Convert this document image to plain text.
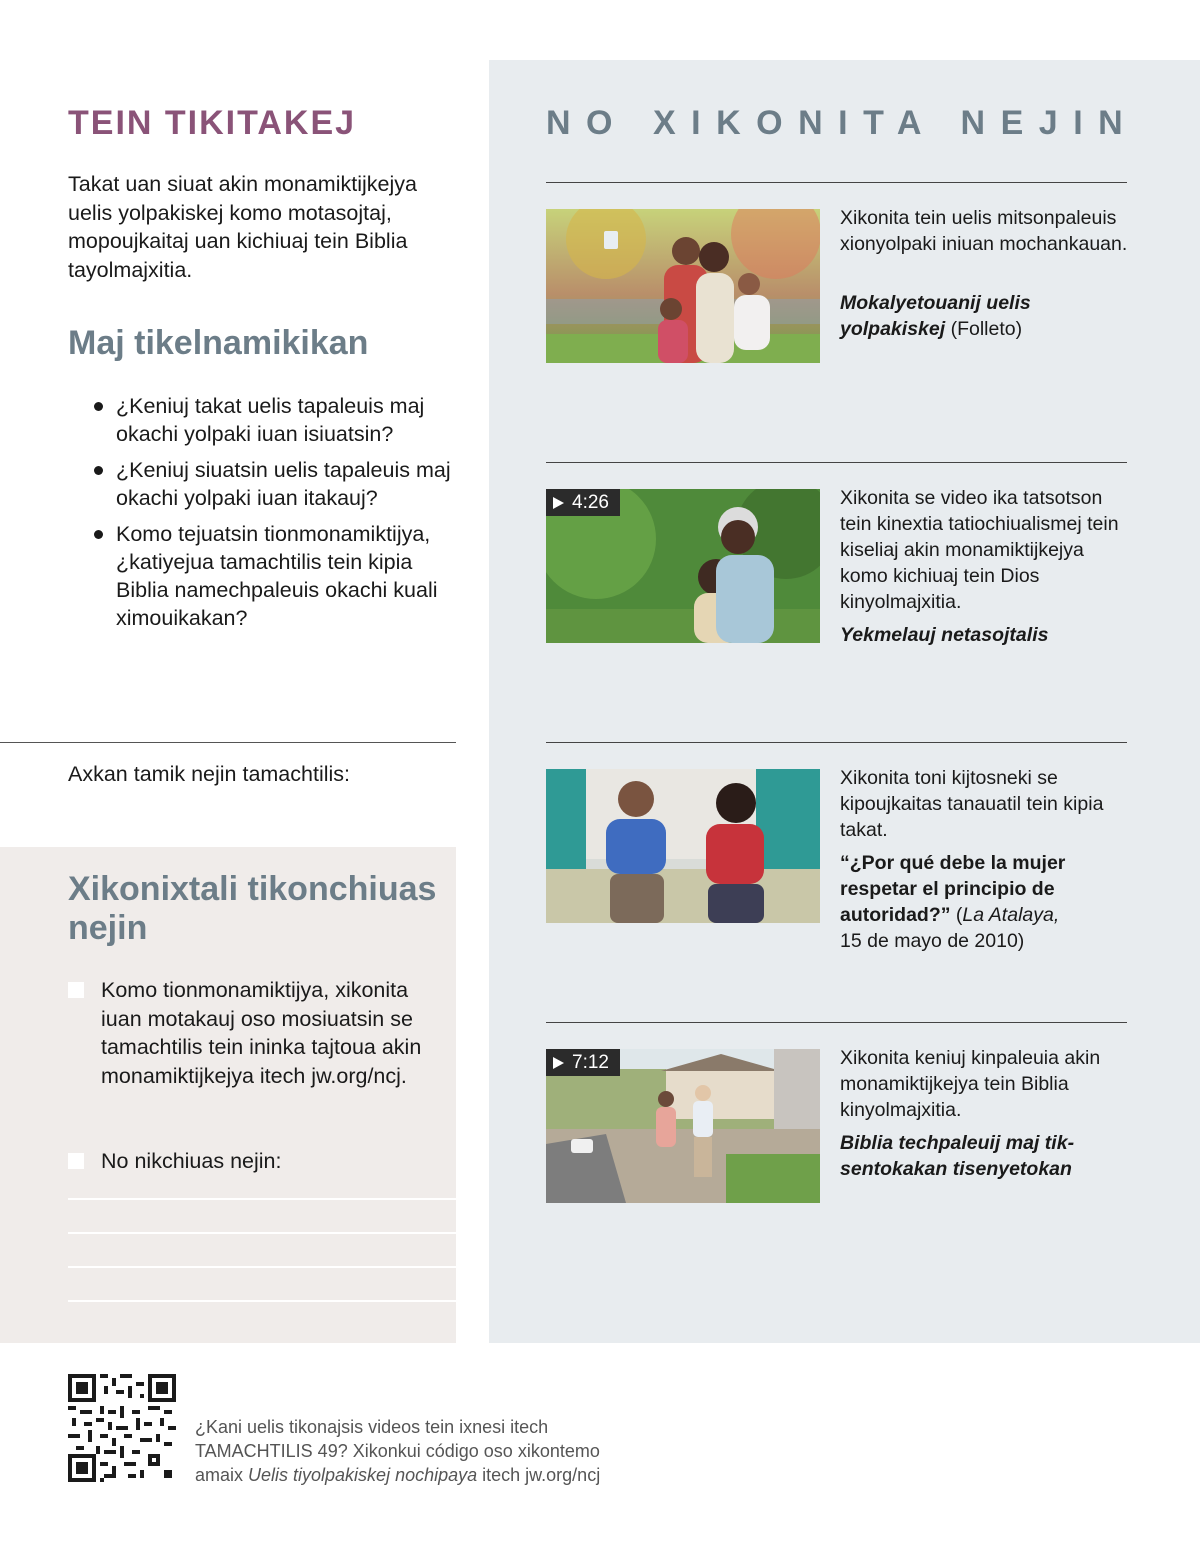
TEIN TIKITAKEJ

Takat uan siuat akin monamiktijkejya uelis yolpakiskej komo motasojtaj, mopoujkaitaj uan kichiuaj tein Biblia tayolmajxitia.

Maj tikelnamikikan
¿Keniuj takat uelis tapaleuis maj okachi yolpaki iuan isiuatsin?
¿Keniuj siuatsin uelis tapaleuis maj okachi yolpaki iuan itakauj?
Komo tejuatsin tionmonamiktijya, ¿katiyejua tamachtilis tein kipia Biblia namechpaleuis okachi kuali ximouikakan?

Axkan tamik nejin tamachtilis:

Xikonixtali tikonchiuas nejin
Komo tionmonamiktijya, xikonita iuan motakauj oso mosiuatsin se tamachtilis tein ininka tajtoua akin monamiktijkejya itech jw.org/ncj.
No nikchiuas nejin:
NO XIKONITA NEJIN

Xikonita tein uelis mitsonpaleuis xionyolpaki iniuan mochankauan.

Mokalyetouanij uelis yolpakiskej (Folleto)

4:26	Xikonita se video ika tatsotson tein kinextia tatiochiualismej tein kiseliaj akin monamiktijkejya komo kichiuaj tein Dios kinyolmajxitia.

Yekmelauj netasojtalis

Xikonita toni kijtosneki se kipoujkaitas tanauatil tein kipia takat.

“¿Por qué debe la mujer respetar el principio de autoridad?” (La Atalaya,
15 de mayo de 2010)

7:12	Xikonita keniuj kinpaleuia akin monamiktijkejya tein Biblia kinyolmajxitia.

Biblia techpaleuij maj tiksentokakan tisenyetokan

¿Kani uelis tikonajsis videos tein ixnesi itech
TAMACHTILIS 49? Xikonkui código oso xikontemo
amaix Uelis tiyolpakiskej nochipaya itech jw.org/ncj
